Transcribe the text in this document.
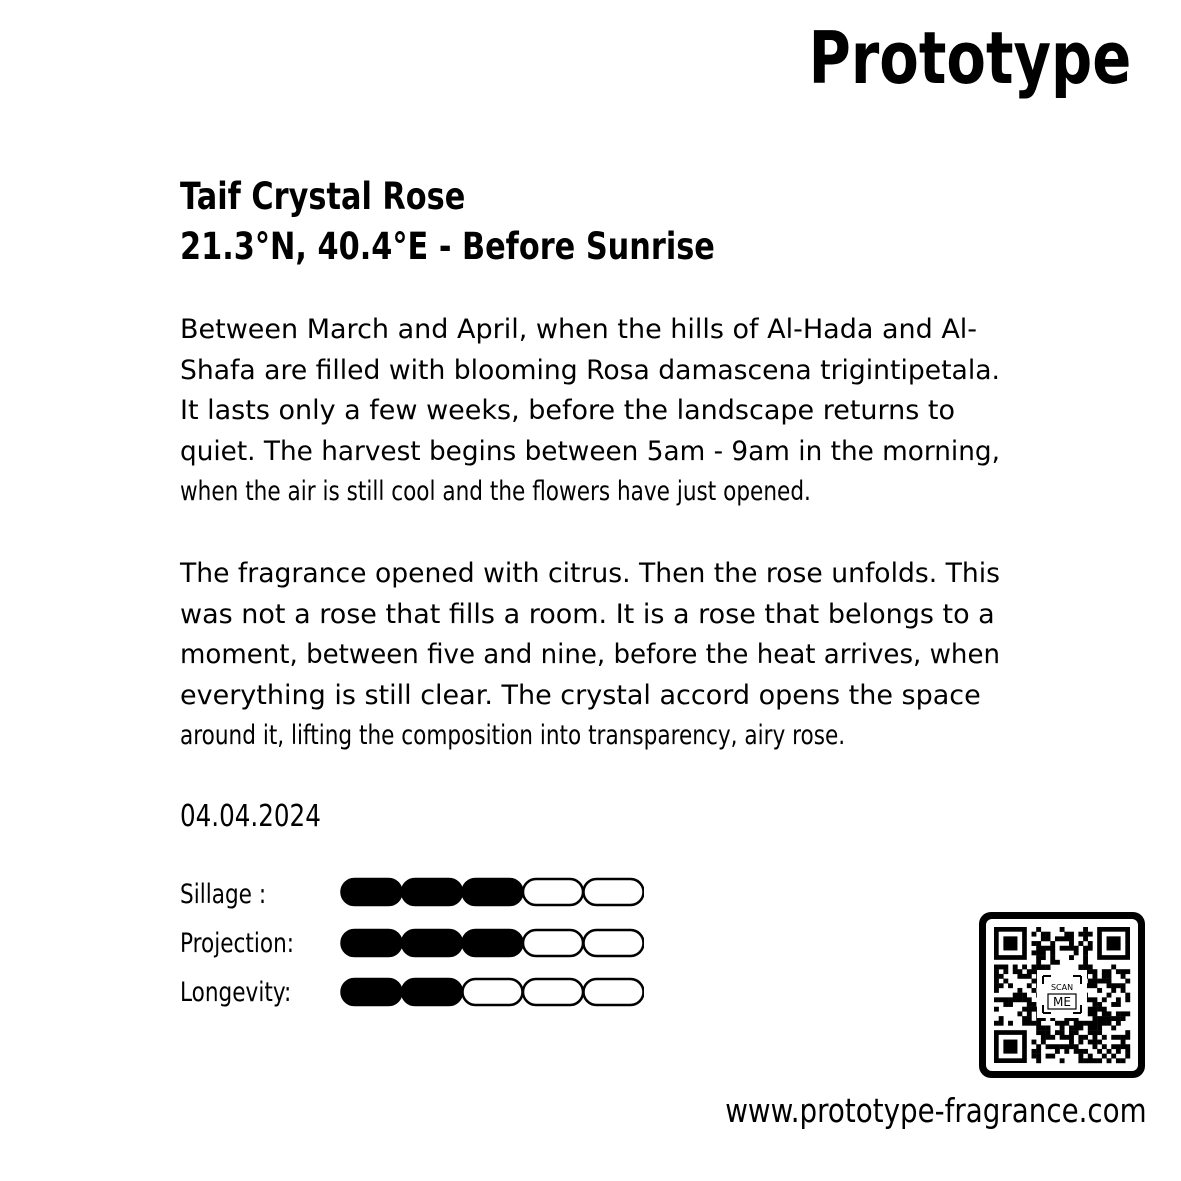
Prototype
Taif Crystal Rose
21.3°N, 40.4°E - Before Sunrise
Between March and April, when the hills of Al-Hada and Al-
Shafa are filled with blooming Rosa damascena trigintipetala.
It lasts only a few weeks, before the landscape returns to
quiet. The harvest begins between 5am - 9am in the morning,
when the air is still cool and the flowers have just opened.
The fragrance opened with citrus. Then the rose unfolds. This
was not a rose that fills a room. It is a rose that belongs to a
moment, between five and nine, before the heat arrives, when
everything is still clear. The crystal accord opens the space
around it, lifting the composition into transparency, airy rose.
04.04.2024
Sillage :
Projection:
Longevity:	SCAN
ME
www.prototype-fragrance.com
